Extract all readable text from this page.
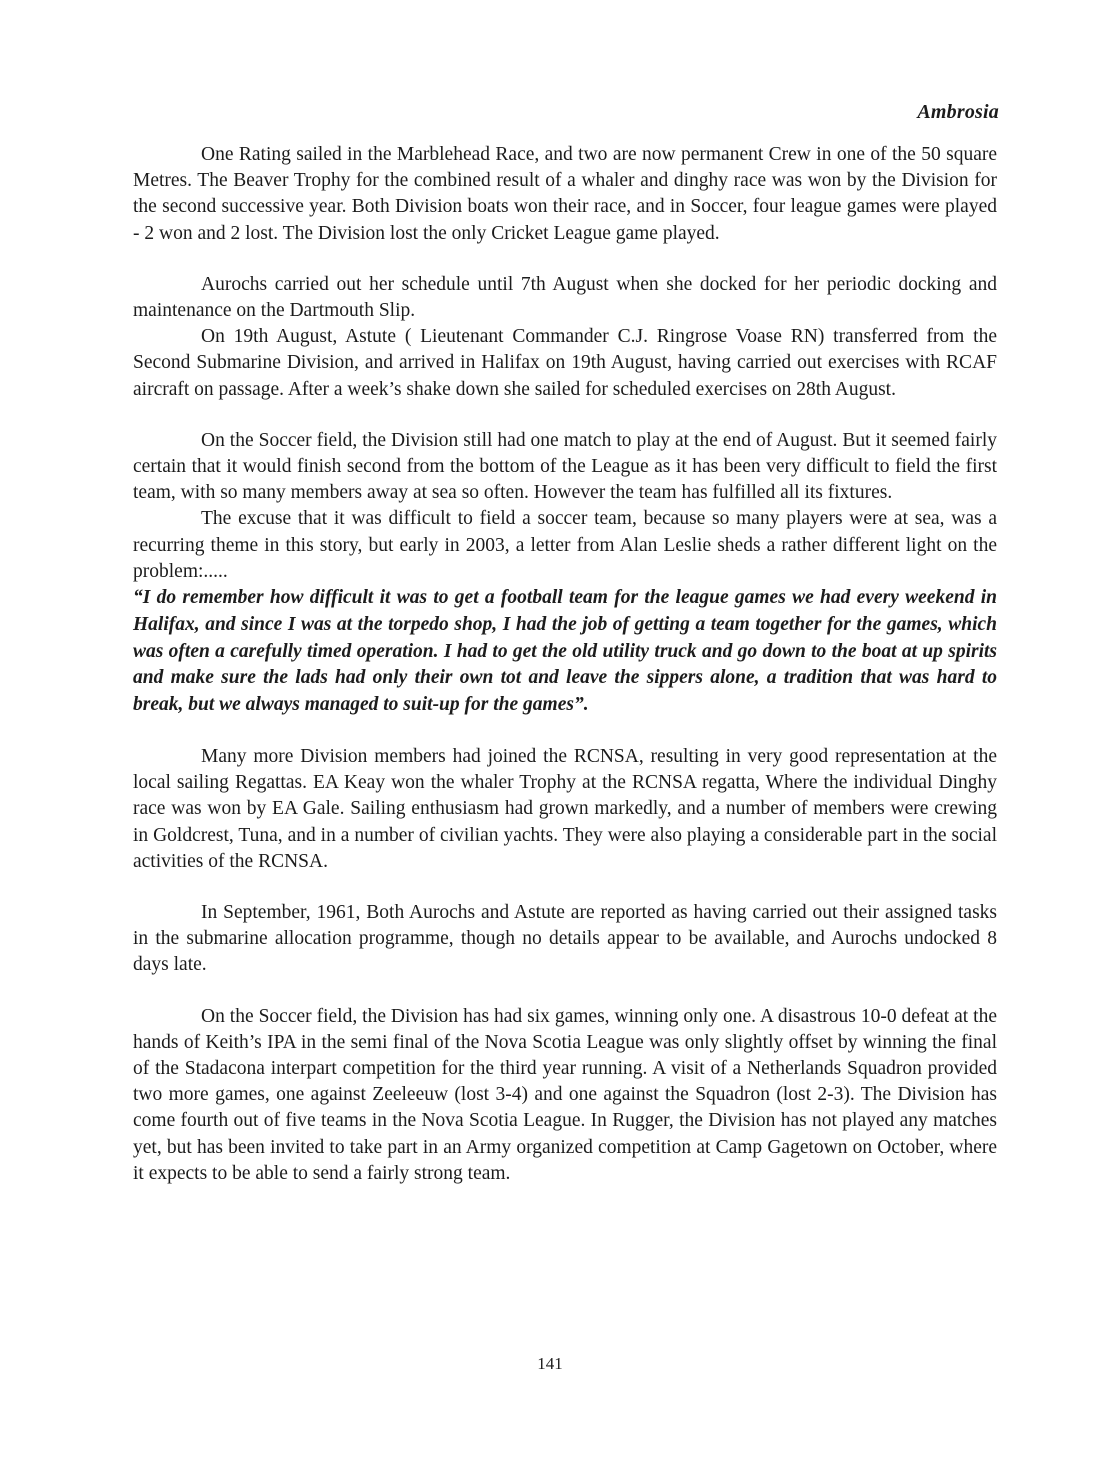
Ambrosia

One Rating sailed in the Marblehead Race, and two are now permanent Crew in one of the 50 square Metres. The Beaver Trophy for the combined result of a whaler and dinghy race was won by the Division for the second successive year. Both Division boats won their race, and in Soccer, four league games were played - 2 won and 2 lost. The Division lost the only Cricket League game played.

Aurochs carried out her schedule until 7th August when she docked for her periodic docking and maintenance on the Dartmouth Slip.

On 19th August, Astute ( Lieutenant Commander C.J. Ringrose Voase RN) transferred from the Second Submarine Division, and arrived in Halifax on 19th August, having carried out exercises with RCAF aircraft on passage. After a week’s shake down she sailed for scheduled exercises on 28th August.

On the Soccer field, the Division still had one match to play at the end of August. But it seemed fairly certain that it would finish second from the bottom of the League as it has been very difficult to field the first team, with so many members away at sea so often. However the team has fulfilled all its fixtures.

The excuse that it was difficult to field a soccer team, because so many players were at sea, was a recurring theme in this story, but early in 2003, a letter from Alan Leslie sheds a rather different light on the problem:.....

“I do remember how difficult it was to get a football team for the league games we had every weekend in Halifax, and since I was at the torpedo shop, I had the job of getting a team together for the games, which was often a carefully timed operation. I had to get the old utility truck and go down to the boat at up spirits and make sure the lads had only their own tot and leave the sippers alone, a tradition that was hard to break, but we always managed to suit-up for the games”.

Many more Division members had joined the RCNSA, resulting in very good representation at the local sailing Regattas. EA Keay won the whaler Trophy at the RCNSA regatta, Where the individual Dinghy race was won by EA Gale. Sailing enthusiasm had grown markedly, and a number of members were crewing in Goldcrest, Tuna, and in a number of civilian yachts. They were also playing a considerable part in the social activities of the RCNSA.

In September, 1961, Both Aurochs and Astute are reported as having carried out their assigned tasks in the submarine allocation programme, though no details appear to be available, and Aurochs undocked 8 days late.

On the Soccer field, the Division has had six games, winning only one. A disastrous 10-0 defeat at the hands of Keith’s IPA in the semi final of the Nova Scotia League was only slightly offset by winning the final of the Stadacona interpart competition for the third year running. A visit of a Netherlands Squadron provided two more games, one against Zeeleeuw (lost 3-4) and one against the Squadron (lost 2-3). The Division has come fourth out of five teams in the Nova Scotia League. In Rugger, the Division has not played any matches yet, but has been invited to take part in an Army organized competition at Camp Gagetown on October, where it expects to be able to send a fairly strong team.

141
